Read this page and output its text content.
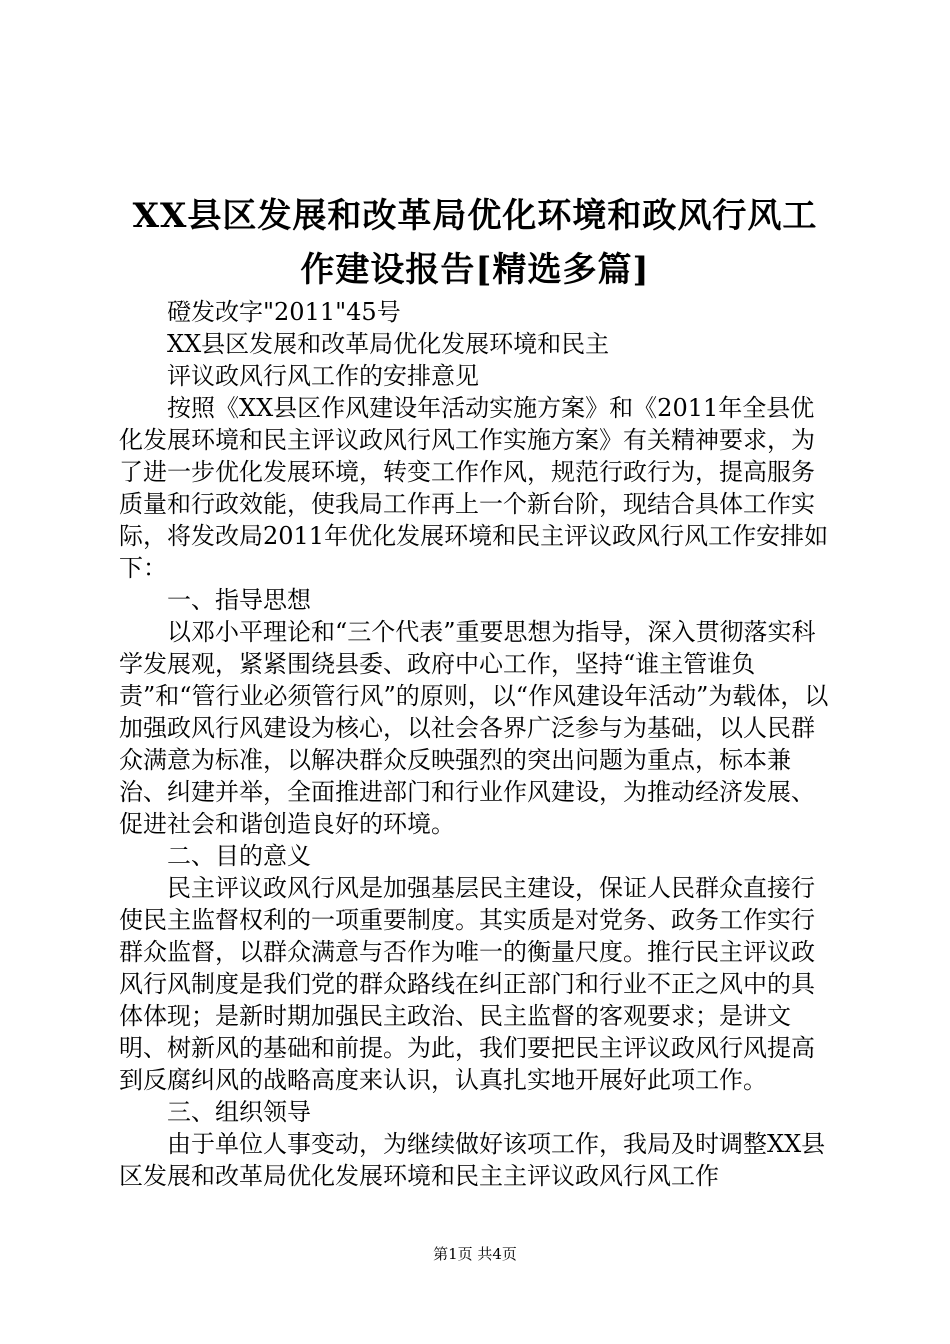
XX县区发展和改革局优化环境和政风行风工
作建设报告[精选多篇]

磴发改字"2011"45号

XX县区发展和改革局优化发展环境和民主

评议政风行风工作的安排意见

按照《XX县区作风建设年活动实施方案》和《2011年全县优化发展环境和民主评议政风行风工作实施方案》有关精神要求，为了进一步优化发展环境，转变工作作风，规范行政行为，提高服务质量和行政效能，使我局工作再上一个新台阶，现结合具体工作实际，将发改局2011年优化发展环境和民主评议政风行风工作安排如下：

一、指导思想

以邓小平理论和“三个代表”重要思想为指导，深入贯彻落实科学发展观，紧紧围绕县委、政府中心工作，坚持“谁主管谁负责”和“管行业必须管行风”的原则，以“作风建设年活动”为载体，以加强政风行风建设为核心，以社会各界广泛参与为基础，以人民群众满意为标准，以解决群众反映强烈的突出问题为重点，标本兼治、纠建并举，全面推进部门和行业作风建设，为推动经济发展、促进社会和谐创造良好的环境。

二、目的意义

民主评议政风行风是加强基层民主建设，保证人民群众直接行使民主监督权利的一项重要制度。其实质是对党务、政务工作实行群众监督，以群众满意与否作为唯一的衡量尺度。推行民主评议政风行风制度是我们党的群众路线在纠正部门和行业不正之风中的具体体现；是新时期加强民主政治、民主监督的客观要求；是讲文明、树新风的基础和前提。为此，我们要把民主评议政风行风提高到反腐纠风的战略高度来认识，认真扎实地开展好此项工作。

三、组织领导

由于单位人事变动，为继续做好该项工作，我局及时调整XX县区发展和改革局优化发展环境和民主主评议政风行风工作

第1页 共4页
